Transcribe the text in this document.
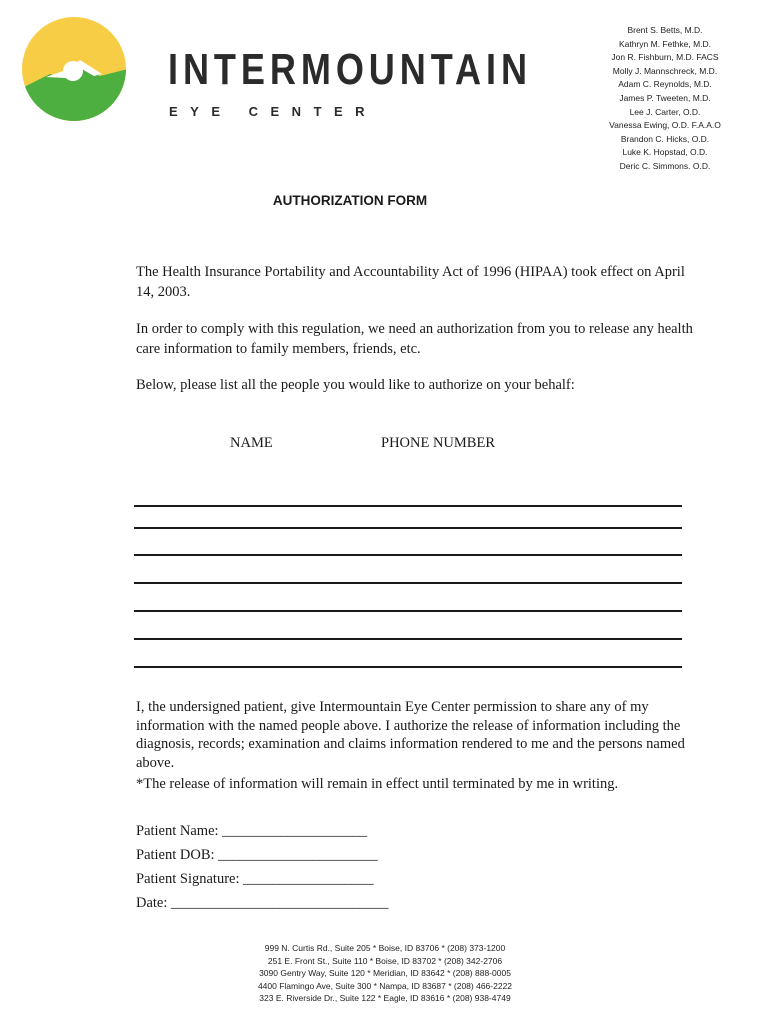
INTERMOUNTAIN
EYE CENTER
Brent S. Betts, M.D.
Kathryn M. Fethke, M.D.
Jon R. Fishburn, M.D. FACS
Molly J. Mannschreck, M.D.
Adam C. Reynolds, M.D.
James P. Tweeten, M.D.
Lee J. Carter, O.D.
Vanessa Ewing, O.D. F.A.A.O
Brandon C. Hicks, O.D.
Luke K. Hopstad, O.D.
Deric C. Simmons. O.D.
AUTHORIZATION FORM
The Health Insurance Portability and Accountability Act of 1996 (HIPAA) took effect on April 14, 2003.
In order to comply with this regulation, we need an authorization from you to release any health care information to family members, friends, etc.
Below, please list all the people you would like to authorize on your behalf:
NAME	PHONE NUMBER
I, the undersigned patient, give Intermountain Eye Center permission to share any of my information with the named people above. I authorize the release of information including the diagnosis, records; examination and claims information rendered to me and the persons named above.
*The release of information will remain in effect until terminated by me in writing.
Patient Name: ____________________
Patient DOB: ______________________
Patient Signature: __________________
Date: ______________________________
999 N. Curtis Rd., Suite 205 * Boise, ID 83706 * (208) 373-1200
251 E. Front St., Suite 110 * Boise, ID 83702 * (208) 342-2706
3090 Gentry Way, Suite 120 * Meridian, ID 83642 * (208) 888-0005
4400 Flamingo Ave, Suite 300 * Nampa, ID 83687 * (208) 466-2222
323 E. Riverside Dr., Suite 122 * Eagle, ID 83616 * (208) 938-4749
